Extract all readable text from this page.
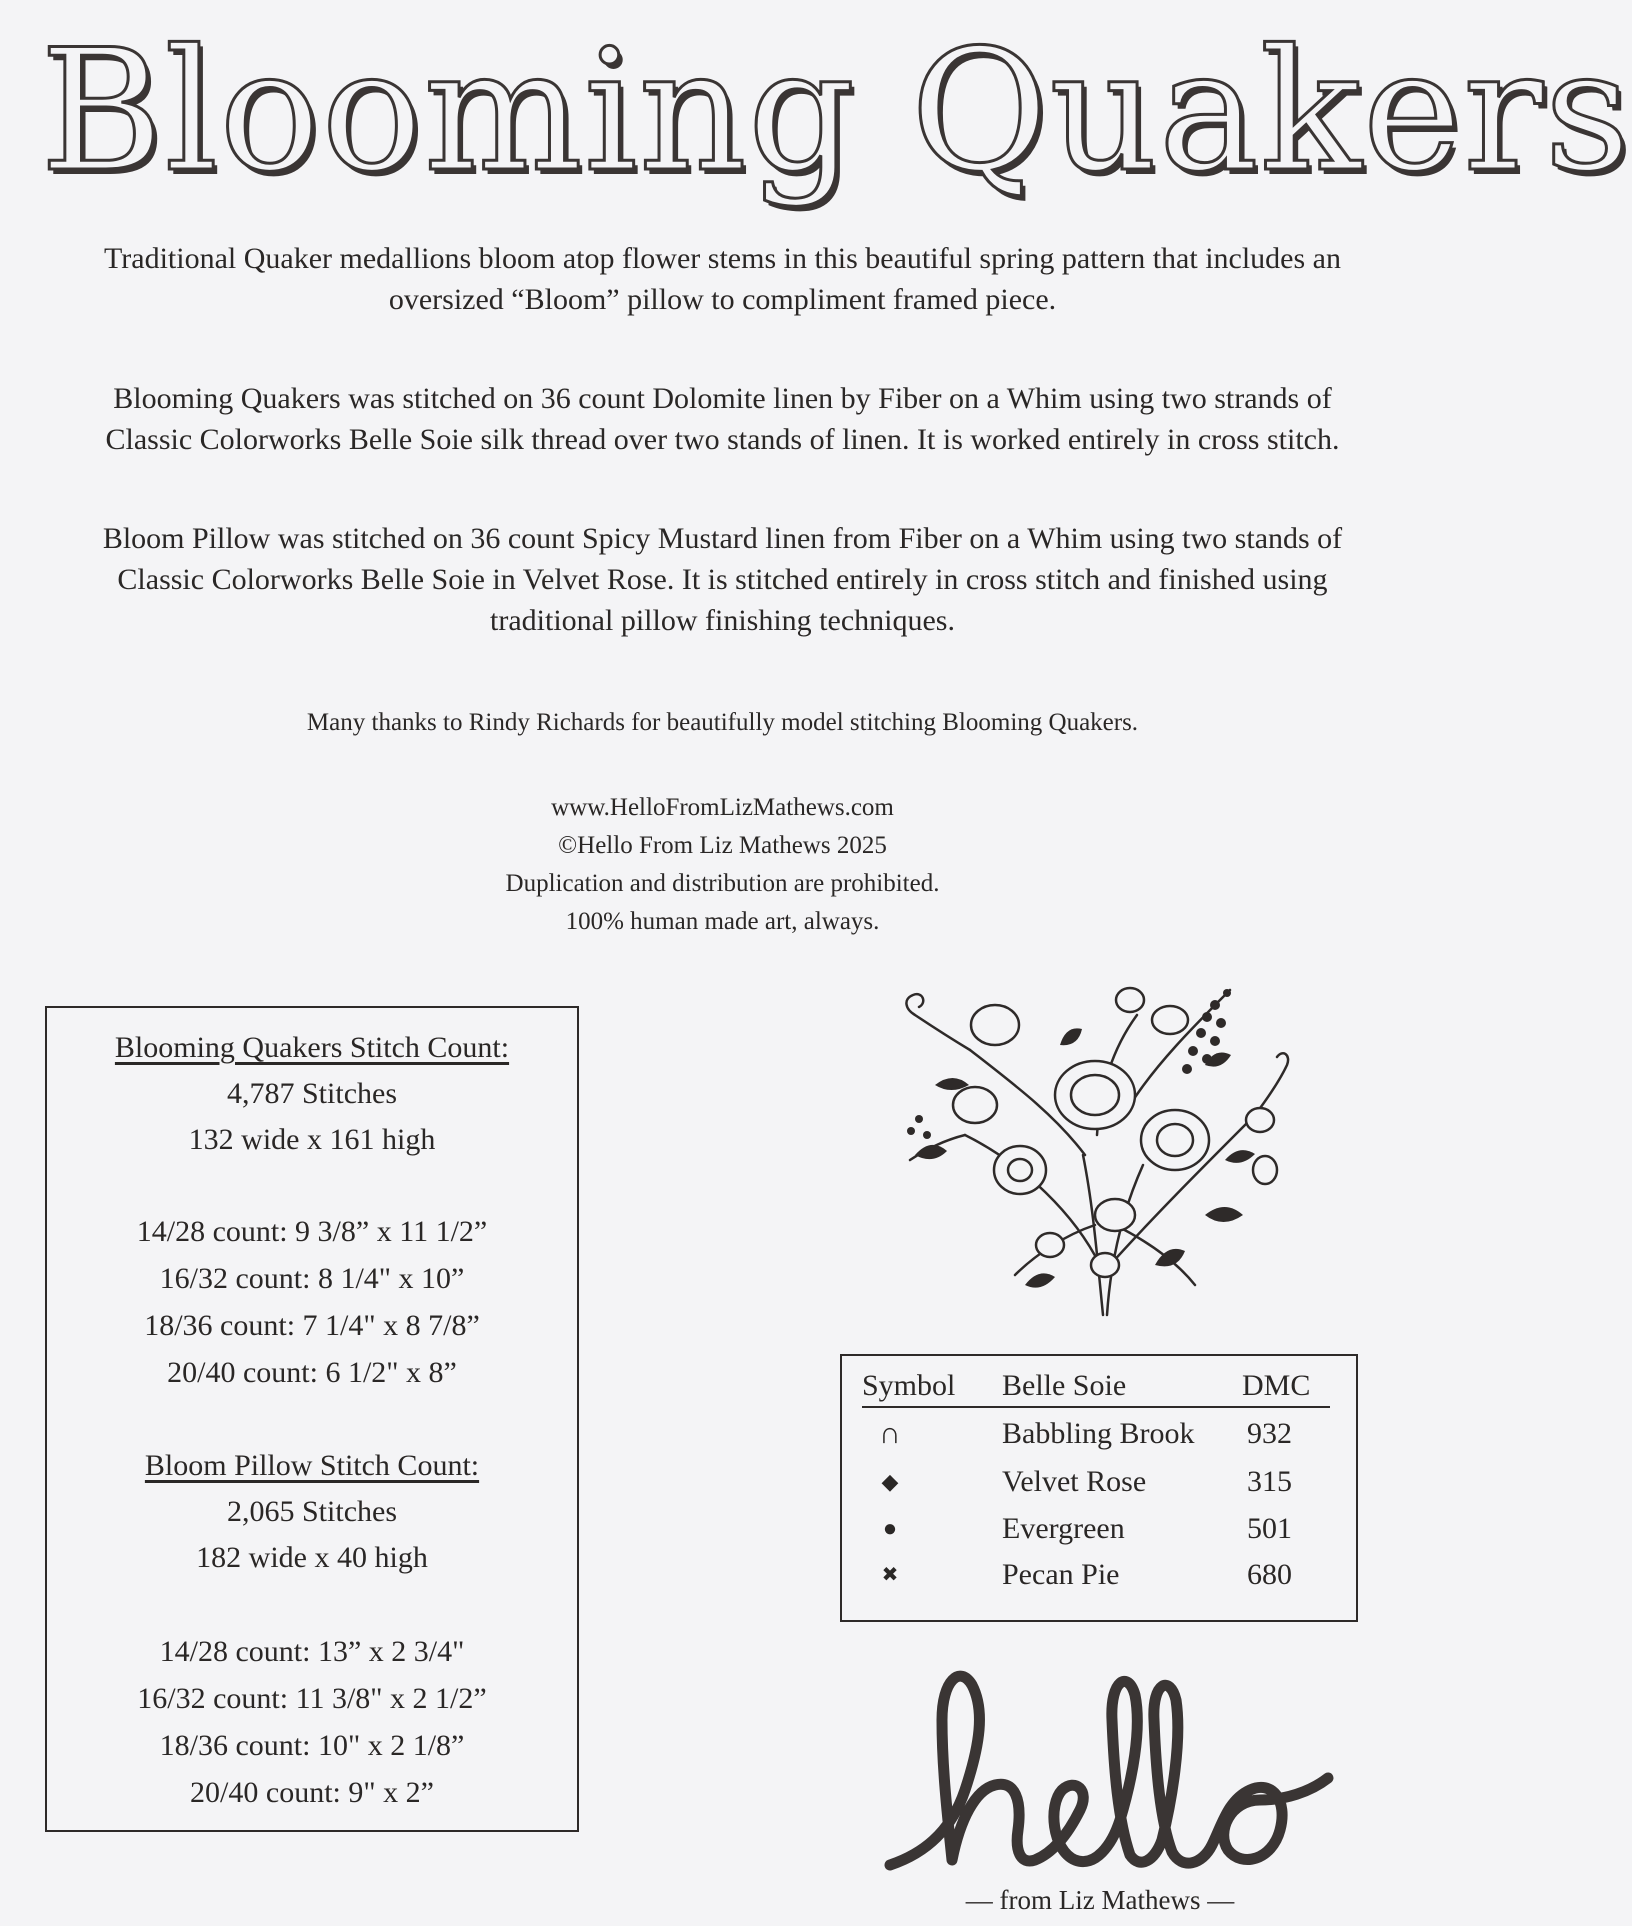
Blooming Quakers
Traditional Quaker medallions bloom atop flower stems in this beautiful spring pattern that includes an
oversized “Bloom” pillow to compliment framed piece.
Blooming Quakers was stitched on 36 count Dolomite linen by Fiber on a Whim using two strands of
Classic Colorworks Belle Soie silk thread over two stands of linen. It is worked entirely in cross stitch.
Bloom Pillow was stitched on 36 count Spicy Mustard linen from Fiber on a Whim using two stands of
Classic Colorworks Belle Soie in Velvet Rose. It is stitched entirely in cross stitch and finished using
traditional pillow finishing techniques.
Many thanks to Rindy Richards for beautifully model stitching Blooming Quakers.
www.HelloFromLizMathews.com
©Hello From Liz Mathews 2025
Duplication and distribution are prohibited.
100% human made art, always.
Blooming Quakers Stitch Count:
4,787 Stitches
132 wide x 161 high
14/28 count: 9 3/8” x 11 1/2”
16/32 count: 8 1/4" x 10”
18/36 count: 7 1/4" x 8 7/8”
20/40 count: 6 1/2" x 8”
Bloom Pillow Stitch Count:
2,065 Stitches
182 wide x 40 high
14/28 count: 13” x 2 3/4"
16/32 count: 11 3/8" x 2 1/2”
18/36 count: 10" x 2 1/8”
20/40 count: 9" x 2”
Symbol Belle Soie	DMC
∩	Babbling Brook 932
◆	Velvet Rose	315
●	Evergreen	501
✖	Pecan Pie	680
— from Liz Mathews —
